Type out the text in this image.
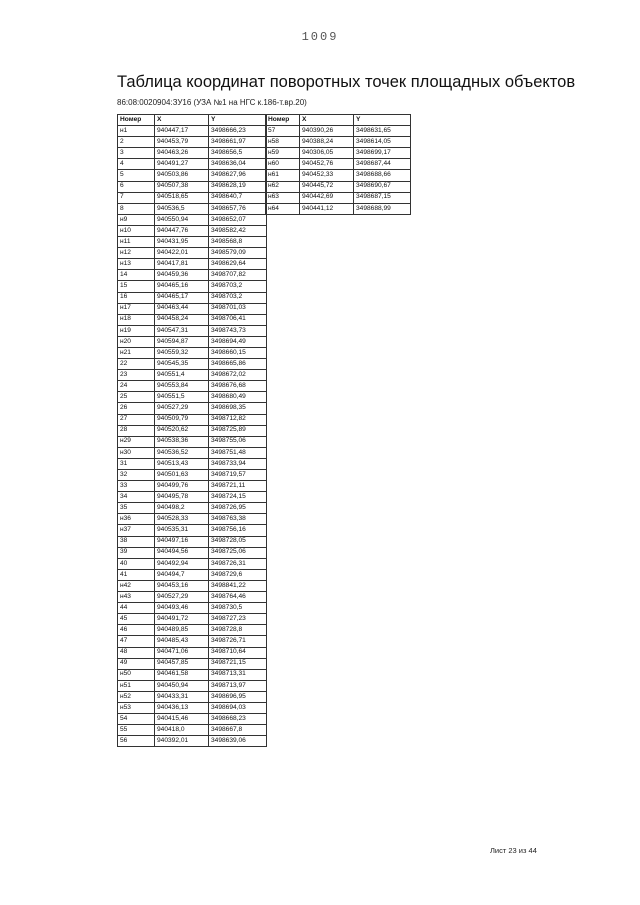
1009
Таблица координат поворотных точек площадных объектов
86:08:0020904:ЗУ16 (УЗА №1 на НГС к.186-т.вр.20)
Номер	X	Y
н1	940447,17	3498666,23
2	940453,79	3498661,97
3	940463,26	3498656,5
4	940491,27	3498636,04
5	940503,86	3498627,96
6	940507,38	3498628,19
7	940518,65	3498640,7
8	940536,5	3498657,76
н9	940550,94	3498652,07
н10	940447,76	3498582,42
н11	940431,95	3498568,8
н12	940422,01	3498579,09
н13	940417,81	3498629,64
14	940459,36	3498707,82
15	940465,16	3498703,2
16	940465,17	3498703,2
н17	940463,44	3498701,03
н18	940458,24	3498706,41
н19	940547,31	3498743,73
н20	940594,87	3498694,49
н21	940559,32	3498660,15
22	940545,35	3498665,86
23	940551,4	3498672,02
24	940553,84	3498676,68
25	940551,5	3498680,49
26	940527,29	3498698,35
27	940509,79	3498712,82
28	940520,62	3498725,89
н29	940538,36	3498755,06
н30	940536,52	3498751,48
31	940513,43	3498733,94
32	940501,63	3498719,57
33	940499,76	3498721,11
34	940495,78	3498724,15
35	940498,2	3498726,95
н36	940528,33	3498763,38
н37	940535,31	3498756,16
38	940497,16	3498728,05
39	940494,56	3498725,06
40	940492,94	3498726,31
41	940494,7	3498729,6
н42	940453,16	3498841,22
н43	940527,29	3498764,46
44	940493,46	3498730,5
45	940491,72	3498727,23
46	940489,85	3498728,8
47	940485,43	3498726,71
48	940471,06	3498710,64
49	940457,85	3498721,15
н50	940461,58	3498713,31
н51	940450,94	3498713,97
н52	940433,31	3498696,95
н53	940436,13	3498694,03
54	940415,46	3498668,23
55	940418,0	3498667,8
56	940392,01	3498639,06
Номер	X	Y
57	940390,26	3498631,65
н58	940388,24	3498614,05
н59	940306,05	3498699,17
н60	940452,76	3498687,44
н61	940452,33	3498688,66
н62	940445,72	3498690,67
н63	940442,69	3498687,15
н64	940441,12	3498688,99
Лист 23 из 44
